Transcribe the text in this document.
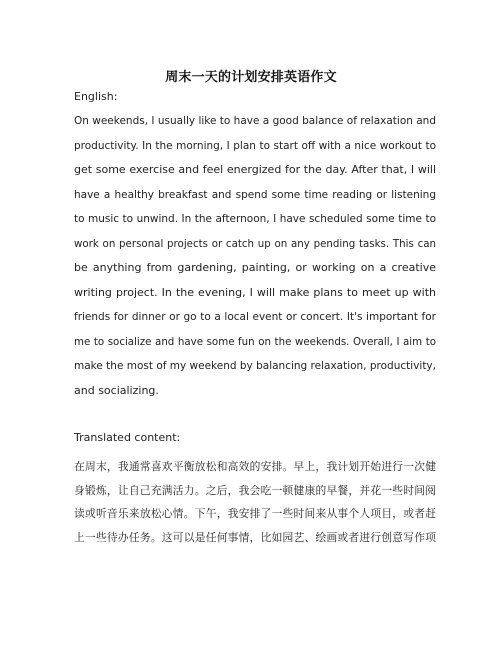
周末一天的计划安排英语作文
English:
On weekends, I usually like to have a good balance of relaxation and
productivity. In the morning, I plan to start off with a nice workout to
get some exercise and feel energized for the day. After that, I will
have a healthy breakfast and spend some time reading or listening
to music to unwind. In the afternoon, I have scheduled some time to
work on personal projects or catch up on any pending tasks. This can
be anything from gardening, painting, or working on a creative
writing project. In the evening, I will make plans to meet up with
friends for dinner or go to a local event or concert. It's important for
me to socialize and have some fun on the weekends. Overall, I aim to
make the most of my weekend by balancing relaxation, productivity,
and socializing.
Translated content:
在周末，我通常喜欢平衡放松和高效的安排。早上，我计划开始进行一次健
身锻炼，让自己充满活力。之后，我会吃一顿健康的早餐，并花一些时间阅
读或听音乐来放松心情。下午，我安排了一些时间来从事个人项目，或者赶
上一些待办任务。这可以是任何事情，比如园艺、绘画或者进行创意写作项
